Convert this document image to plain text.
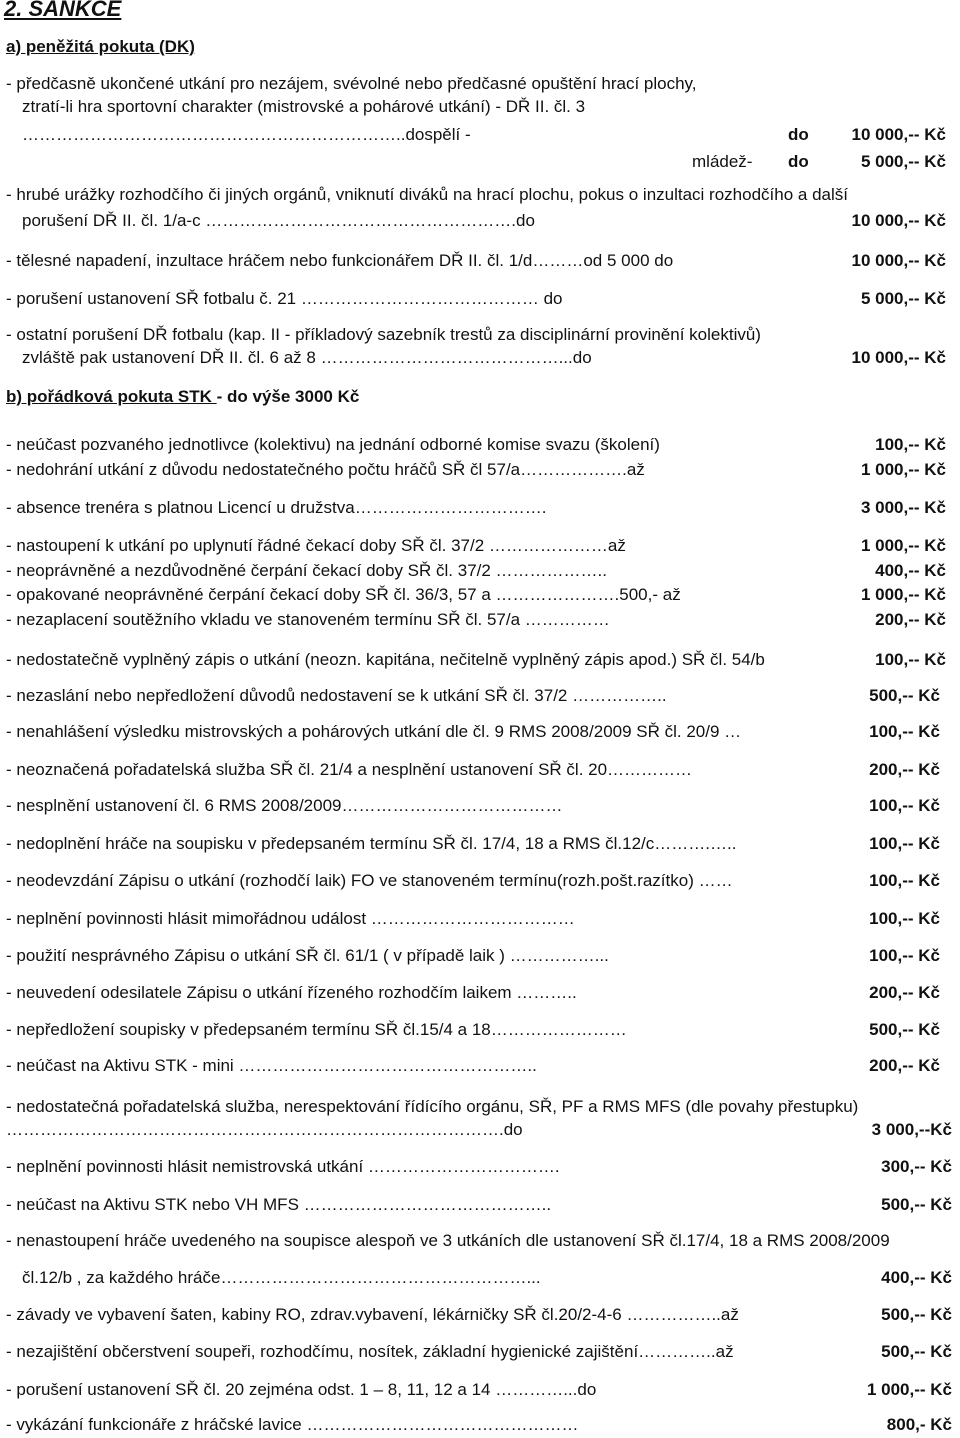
2. SANKCE
a) peněžitá pokuta (DK)
- předčasně ukončené utkání pro nezájem, svévolné nebo předčasné opuštění hrací plochy,
ztratí-li hra sportovní charakter (mistrovské a pohárové utkání) - DŘ II. čl. 3
…………………………………………………………..dospělí -	do	10 000,-- Kč
mládež- do	5 000,-- Kč
- hrubé urážky rozhodčího či jiných orgánů, vniknutí diváků na hrací plochu, pokus o inzultaci rozhodčího a další
porušení DŘ II. čl. 1/a-c ……………………………………………….do	10 000,-- Kč
- tělesné napadení, inzultace hráčem nebo funkcionářem DŘ II. čl. 1/d………od 5 000 do	10 000,-- Kč
- porušení ustanovení SŘ fotbalu č. 21 …………………………………… do	5 000,-- Kč
- ostatní porušení DŘ fotbalu (kap. II - příkladový sazebník trestů za disciplinární provinění kolektivů)
zvláště pak ustanovení DŘ II. čl. 6 až 8 ……………………………………...do	10 000,-- Kč
b) pořádková pokuta STK - do výše 3000 Kč
- neúčast pozvaného jednotlivce (kolektivu) na jednání odborné komise svazu (školení)	100,-- Kč
- nedohrání utkání z důvodu nedostatečného počtu hráčů SŘ čl 57/a……………….až	1 000,-- Kč
- absence trenéra s platnou Licencí u družstva…………………………….	3 000,-- Kč
- nastoupení k utkání po uplynutí řádné čekací doby SŘ čl. 37/2 …………………až	1 000,-- Kč
- neoprávněné a nezdůvodněné čerpání čekací doby SŘ čl. 37/2 ………………..	400,-- Kč
- opakované neoprávněné čerpání čekací doby SŘ čl. 36/3, 57 a ………………….500,- až	1 000,-- Kč
- nezaplacení soutěžního vkladu ve stanoveném termínu SŘ čl. 57/a ……………	200,-- Kč
- nedostatečně vyplněný zápis o utkání (neozn. kapitána, nečitelně vyplněný zápis apod.) SŘ čl. 54/b	100,-- Kč
- nezaslání nebo nepředložení důvodů nedostavení se k utkání SŘ čl. 37/2 ……………..	500,-- Kč
- nenahlášení výsledku mistrovských a pohárových utkání dle čl. 9 RMS 2008/2009 SŘ čl. 20/9 …	100,-- Kč
- neoznačená pořadatelská služba SŘ čl. 21/4 a nesplnění ustanovení SŘ čl. 20……………	200,-- Kč
- nesplnění ustanovení čl. 6 RMS 2008/2009…………………………………	100,-- Kč
- nedoplnění hráče na soupisku v předepsaném termínu SŘ čl. 17/4, 18 a RMS čl.12/c……….…..	100,-- Kč
- neodevzdání Zápisu o utkání (rozhodčí laik) FO ve stanoveném termínu(rozh.pošt.razítko) ……	100,-- Kč
- neplnění povinnosti hlásit mimořádnou událost ………………………………	100,-- Kč
- použití nesprávného Zápisu o utkání SŘ čl. 61/1 ( v případě laik ) ……………...	100,-- Kč
- neuvedení odesilatele Zápisu o utkání řízeného rozhodčím laikem ………..	200,-- Kč
- nepředložení soupisky v předepsaném termínu SŘ čl.15/4 a 18……………………	500,-- Kč
- neúčast na Aktivu STK - mini ……………………………………………..	200,-- Kč
- nedostatečná pořadatelská služba, nerespektování řídícího orgánu, SŘ, PF a RMS MFS (dle povahy přestupku)
…………………………………………………………………………….do	3 000,--Kč
- neplnění povinnosti hlásit nemistrovská utkání …………………………….	300,-- Kč
- neúčast na Aktivu STK nebo VH MFS ……………………………………..	500,-- Kč
- nenastoupení hráče uvedeného na soupisce alespoň ve 3 utkáních dle ustanovení SŘ čl.17/4, 18 a RMS 2008/2009
čl.12/b , za každého hráče………………………………………………...	400,-- Kč
- závady ve vybavení šaten, kabiny RO, zdrav.vybavení, lékárničky SŘ čl.20/2-4-6 ……………..až	500,-- Kč
- nezajištění občerstvení soupeři, rozhodčímu, nosítek, základní hygienické zajištění…………..až	500,-- Kč
- porušení ustanovení SŘ čl. 20 zejména odst. 1 – 8, 11, 12 a 14 …………...do	1 000,-- Kč
- vykázání funkcionáře z hráčské lavice …………………………………………	800,- Kč
